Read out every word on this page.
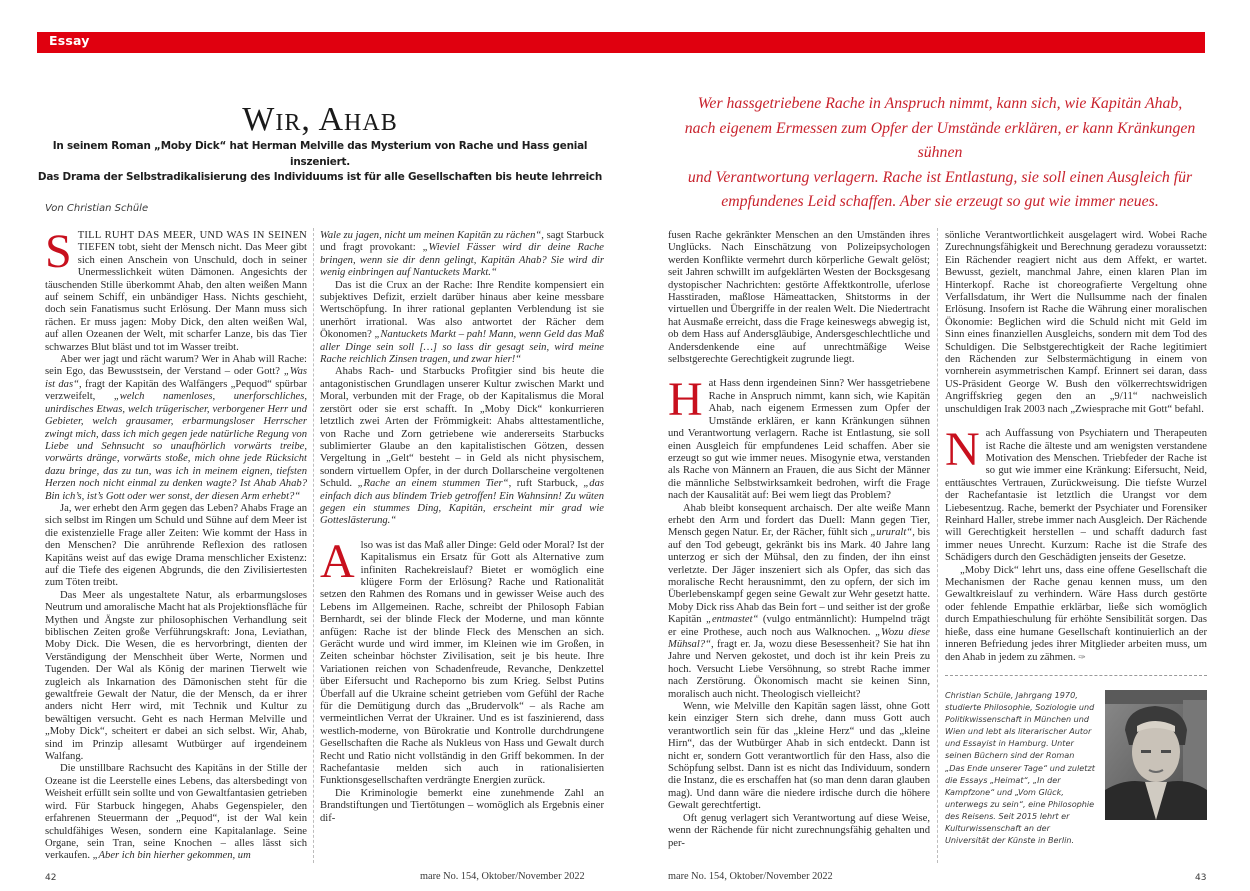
Essay
Wir, Ahab
In seinem Roman „Moby Dick“ hat Herman Melville das Mysterium von Rache und Hass genial inszeniert.
Das Drama der Selbstradikalisierung des Individuums ist für alle Gesellschaften bis heute lehrreich
Wer hassgetriebene Rache in Anspruch nimmt, kann sich, wie Kapitän Ahab,
nach eigenem Ermessen zum Opfer der Umstände erklären, er kann Kränkungen sühnen
und Verantwortung verlagern. Rache ist Entlastung, sie soll einen Ausgleich für
empfundenes Leid schaffen. Aber sie erzeugt so gut wie immer neues.
Von Christian Schüle

STILL RUHT DAS MEER, UND WAS IN SEINEN TIEFEN tobt, sieht der Mensch nicht. Das Meer gibt sich einen Anschein von Unschuld, doch in seiner Unermesslichkeit wüten Dämonen. Angesichts der täuschenden Stille überkommt Ahab, den alten weißen Mann auf seinem Schiff, ein unbändiger Hass. Nichts geschieht, doch sein Fanatismus sucht Erlösung. Der Mann muss sich rächen. Er muss jagen: Moby Dick, den alten weißen Wal, auf allen Ozeanen der Welt, mit scharfer Lanze, bis das Tier schwarzes Blut bläst und tot im Wasser treibt.

Aber wer jagt und rächt warum? Wer in Ahab will Rache: sein Ego, das Bewusstsein, der Verstand – oder Gott? „Was ist das“, fragt der Kapitän des Walfängers „Pequod“ spürbar verzweifelt, „welch namenloses, unerforschliches, unirdisches Etwas, welch trügerischer, verborgener Herr und Gebieter, welch grausamer, erbarmungsloser Herrscher zwingt mich, dass ich mich gegen jede natürliche Regung von Liebe und Sehnsucht so unaufhörlich vorwärts treibe, vorwärts dränge, vorwärts stoße, mich ohne jede Rücksicht dazu bringe, das zu tun, was ich in meinem eignen, tiefsten Herzen noch nicht einmal zu denken wagte? Ist Ahab Ahab? Bin ich’s, ist’s Gott oder wer sonst, der diesen Arm erhebt?“

Ja, wer erhebt den Arm gegen das Leben? Ahabs Frage an sich selbst im Ringen um Schuld und Sühne auf dem Meer ist die existenzielle Frage aller Zeiten: Wie kommt der Hass in den Menschen? Die anrührende Reflexion des ratlosen Kapitäns weist auf das ewige Drama menschlicher Existenz: auf die Tiefe des eigenen Abgrunds, die den Zivilisiertesten zum Töten treibt.

Das Meer als ungestaltete Natur, als erbarmungsloses Neutrum und amoralische Macht hat als Projektionsfläche für Mythen und Ängste zur philosophischen Verhandlung seit biblischen Zeiten große Verführungskraft: Jona, Leviathan, Moby Dick. Die Wesen, die es hervorbringt, dienten der Verständigung der Menschheit über Werte, Normen und Tugenden. Der Wal als König der marinen Tierwelt wie zugleich als Inkarnation des Dämonischen steht für die gewaltfreie Gewalt der Natur, die der Mensch, da er ihrer anders nicht Herr wird, mit Technik und Kultur zu bewältigen versucht. Geht es nach Herman Melville und „Moby Dick“, scheitert er dabei an sich selbst. Wir, Ahab, sind im Prinzip allesamt Wutbürger auf irgendeinem Walfang.

Die unstillbare Rachsucht des Kapitäns in der Stille der Ozeane ist die Leerstelle eines Lebens, das altersbedingt von Weisheit erfüllt sein sollte und von Gewaltfantasien getrieben wird. Für Starbuck hingegen, Ahabs Gegenspieler, den erfahrenen Steuermann der „Pequod“, ist der Wal kein schuldfähiges Wesen, sondern eine Kapitalanlage. Seine Organe, sein Tran, seine Knochen – alles lässt sich verkaufen. „Aber ich bin hierher gekommen, um

Wale zu jagen, nicht um meinen Kapitän zu rächen“, sagt Starbuck und fragt provokant: „Wieviel Fässer wird dir deine Rache bringen, wenn sie dir denn gelingt, Kapitän Ahab? Sie wird dir wenig einbringen auf Nantuckets Markt.“

Das ist die Crux an der Rache: Ihre Rendite kompensiert ein subjektives Defizit, erzielt darüber hinaus aber keine messbare Wertschöpfung. In ihrer rational geplanten Verblendung ist sie unerhört irrational. Was also antwortet der Rächer dem Ökonomen? „Nantuckets Markt – pah! Mann, wenn Geld das Maß aller Dinge sein soll […] so lass dir gesagt sein, wird meine Rache reichlich Zinsen tragen, und zwar hier!“

Ahabs Rach- und Starbucks Profitgier sind bis heute die antagonistischen Grundlagen unserer Kultur zwischen Markt und Moral, verbunden mit der Frage, ob der Kapitalismus die Moral zerstört oder sie erst schafft. In „Moby Dick“ konkurrieren letztlich zwei Arten der Frömmigkeit: Ahabs alttestamentliche, von Rache und Zorn getriebene wie andererseits Starbucks sublimierter Glaube an den kapitalistischen Götzen, dessen Vergeltung in „Gelt“ besteht – in Geld als nicht physischem, sondern virtuellem Opfer, in der durch Dollarscheine vergoltenen Schuld. „Rache an einem stummen Tier“, ruft Starbuck, „das einfach dich aus blindem Trieb getroffen! Ein Wahnsinn! Zu wüten gegen ein stummes Ding, Kapitän, erscheint mir grad wie Gotteslästerung.“

Also was ist das Maß aller Dinge: Geld oder Moral? Ist der Kapitalismus ein Ersatz für Gott als Alternative zum infiniten Rachekreislauf? Bietet er womöglich eine klügere Form der Erlösung? Rache und Rationalität setzen den Rahmen des Romans und in gewisser Weise auch des Lebens im Allgemeinen. Rache, schreibt der Philosoph Fabian Bernhardt, sei der blinde Fleck der Moderne, und man könnte anfügen: Rache ist der blinde Fleck des Menschen an sich. Gerächt wurde und wird immer, im Kleinen wie im Großen, in Zeiten scheinbar höchster Zivilisation, seit je bis heute. Ihre Variationen reichen von Schadenfreude, Revanche, Denkzettel über Eifersucht und Racheporno bis zum Krieg. Selbst Putins Überfall auf die Ukraine scheint getrieben vom Gefühl der Rache für die Demütigung durch das „Brudervolk“ – als Rache am vermeintlichen Verrat der Ukrainer. Und es ist faszinierend, dass westlich-moderne, von Bürokratie und Kontrolle durchdrungene Gesellschaften die Rache als Nukleus von Hass und Gewalt durch Recht und Ratio nicht vollständig in den Griff bekommen. In der Rachefantasie melden sich auch in rationalisierten Funktionsgesellschaften verdrängte Energien zurück.

Die Kriminologie bemerkt eine zunehmende Zahl an Brandstiftungen und Tiertötungen – womöglich als Ergebnis einer dif-

fusen Rache gekränkter Menschen an den Umständen ihres Unglücks. Nach Einschätzung von Polizeipsychologen werden Konflikte vermehrt durch körperliche Gewalt gelöst; seit Jahren schwillt im aufgeklärten Westen der Bocksgesang dystopischer Nachrichten: gestörte Affektkontrolle, uferlose Hasstiraden, maßlose Hämeattacken, Shitstorms in der virtuellen und Übergriffe in der realen Welt. Die Niedertracht hat Ausmaße erreicht, dass die Frage keineswegs abwegig ist, ob dem Hass auf Andersgläubige, Andersgeschlechtliche und Andersdenkende eine auf unrechtmäßige Weise selbstgerechte Gerechtigkeit zugrunde liegt.

Hat Hass denn irgendeinen Sinn? Wer hassgetriebene Rache in Anspruch nimmt, kann sich, wie Kapitän Ahab, nach eigenem Ermessen zum Opfer der Umstände erklären, er kann Kränkungen sühnen und Verantwortung verlagern. Rache ist Entlastung, sie soll einen Ausgleich für empfundenes Leid schaffen. Aber sie erzeugt so gut wie immer neues. Misogynie etwa, verstanden als Rache von Männern an Frauen, die aus Sicht der Männer die männliche Selbstwirksamkeit bedrohen, wirft die Frage nach der Kausalität auf: Bei wem liegt das Problem?

Ahab bleibt konsequent archaisch. Der alte weiße Mann erhebt den Arm und fordert das Duell: Mann gegen Tier, Mensch gegen Natur. Er, der Rächer, fühlt sich „ururalt“, bis auf den Tod gebeugt, gekränkt bis ins Mark. 40 Jahre lang unterzog er sich der Mühsal, den zu finden, der ihn einst verletzte. Der Jäger inszeniert sich als Opfer, das sich das moralische Recht herausnimmt, den zu opfern, der sich im Überlebenskampf gegen seine Gewalt zur Wehr gesetzt hatte. Moby Dick riss Ahab das Bein fort – und seither ist der große Kapitän „entmastet“ (vulgo entmännlicht): Humpelnd trägt er eine Prothese, auch noch aus Walknochen. „Wozu diese Mühsal?“, fragt er. Ja, wozu diese Besessenheit? Sie hat ihn Jahre und Nerven gekostet, und doch ist ihr kein Preis zu hoch. Versucht Liebe Versöhnung, so strebt Rache immer nach Zerstörung. Ökonomisch macht sie keinen Sinn, moralisch auch nicht. Theologisch vielleicht?

Wenn, wie Melville den Kapitän sagen lässt, ohne Gott kein einziger Stern sich drehe, dann muss Gott auch verantwortlich sein für das „kleine Herz“ und das „kleine Hirn“, das der Wutbürger Ahab in sich entdeckt. Dann ist nicht er, sondern Gott verantwortlich für den Hass, also die Schöpfung selbst. Dann ist es nicht das Individuum, sondern die Instanz, die es erschaffen hat (so man denn daran glauben mag). Und dann wäre die niedere irdische durch die höhere Gewalt gerechtfertigt.

Oft genug verlagert sich Verantwortung auf diese Weise, wenn der Rächende für nicht zurechnungsfähig gehalten und per-

sönliche Verantwortlichkeit ausgelagert wird. Wobei Rache Zurechnungsfähigkeit und Berechnung geradezu voraussetzt: Ein Rächender reagiert nicht aus dem Affekt, er wartet. Bewusst, gezielt, manchmal Jahre, einen klaren Plan im Hinterkopf. Rache ist choreografierte Vergeltung ohne Verfallsdatum, ihr Wert die Nullsumme nach der finalen Erlösung. Insofern ist Rache die Währung einer moralischen Ökonomie: Beglichen wird die Schuld nicht mit Geld im Sinn eines finanziellen Ausgleichs, sondern mit dem Tod des Schuldigen. Die Selbstgerechtigkeit der Rache legitimiert den Rächenden zur Selbstermächtigung in einem von vornherein asymmetrischen Kampf. Erinnert sei daran, dass US-Präsident George W. Bush den völkerrechtswidrigen Angriffskrieg gegen den an „9/11“ nachweislich unschuldigen Irak 2003 nach „Zwiesprache mit Gott“ befahl.

Nach Auffassung von Psychiatern und Therapeuten ist Rache die älteste und am wenigsten verstandene Motivation des Menschen. Triebfeder der Rache ist so gut wie immer eine Kränkung: Eifersucht, Neid, enttäuschtes Vertrauen, Zurückweisung. Die tiefste Wurzel der Rachefantasie ist letztlich die Urangst vor dem Liebesentzug. Rache, bemerkt der Psychiater und Forensiker Reinhard Haller, strebe immer nach Ausgleich. Der Rächende will Gerechtigkeit herstellen – und schafft dadurch fast immer neues Unrecht. Kurzum: Rache ist die Strafe des Schädigers durch den Geschädigten jenseits der Gesetze.

„Moby Dick“ lehrt uns, dass eine offene Gesellschaft die Mechanismen der Rache genau kennen muss, um den Gewaltkreislauf zu verhindern. Wäre Hass durch gestörte oder fehlende Empathie erklärbar, ließe sich womöglich durch Empathieschulung für erhöhte Sensibilität sorgen. Das hieße, dass eine humane Gesellschaft kontinuierlich an der inneren Befriedung jedes ihrer Mitglieder arbeiten muss, um den Ahab in jedem zu zähmen. ✑

Christian Schüle, Jahrgang 1970, studierte Philosophie, Soziologie und Politikwissenschaft in München und Wien und lebt als literarischer Autor und Essayist in Hamburg. Unter seinen Büchern sind der Roman „Das Ende unserer Tage“ und zuletzt die Essays „Heimat“, „In der Kampfzone“ und „Vom Glück, unterwegs zu sein“, eine Philosophie des Reisens. Seit 2015 lehrt er Kulturwissenschaft an der Universität der Künste in Berlin.
42	mare No. 154, Oktober/November 2022	mare No. 154, Oktober/November 2022	43
